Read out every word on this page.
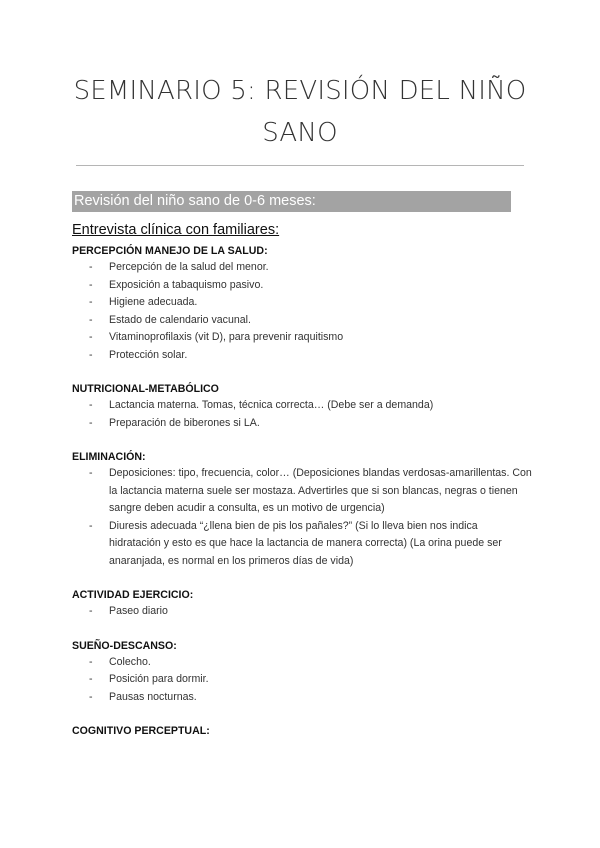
SEMINARIO 5: REVISIÓN DEL NIÑO SANO
Revisión del niño sano de 0-6 meses:
Entrevista clínica con familiares:
PERCEPCIÓN MANEJO DE LA SALUD:
- Percepción de la salud del menor.
- Exposición a tabaquismo pasivo.
- Higiene adecuada.
- Estado de calendario vacunal.
- Vitaminoprofilaxis (vit D), para prevenir raquitismo
- Protección solar.
NUTRICIONAL-METABÓLICO
- Lactancia materna. Tomas, técnica correcta… (Debe ser a demanda)
- Preparación de biberones si LA.
ELIMINACIÓN:
- Deposiciones: tipo, frecuencia, color… (Deposiciones blandas verdosas-amarillentas. Con la lactancia materna suele ser mostaza. Advertirles que si son blancas, negras o tienen sangre deben acudir a consulta, es un motivo de urgencia)
- Diuresis adecuada “¿llena bien de pis los pañales?” (Si lo lleva bien nos indica hidratación y esto es que hace la lactancia de manera correcta) (La orina puede ser anaranjada, es normal en los primeros días de vida)
ACTIVIDAD EJERCICIO:
- Paseo diario
SUEÑO-DESCANSO:
- Colecho.
- Posición para dormir.
- Pausas nocturnas.
COGNITIVO PERCEPTUAL:
